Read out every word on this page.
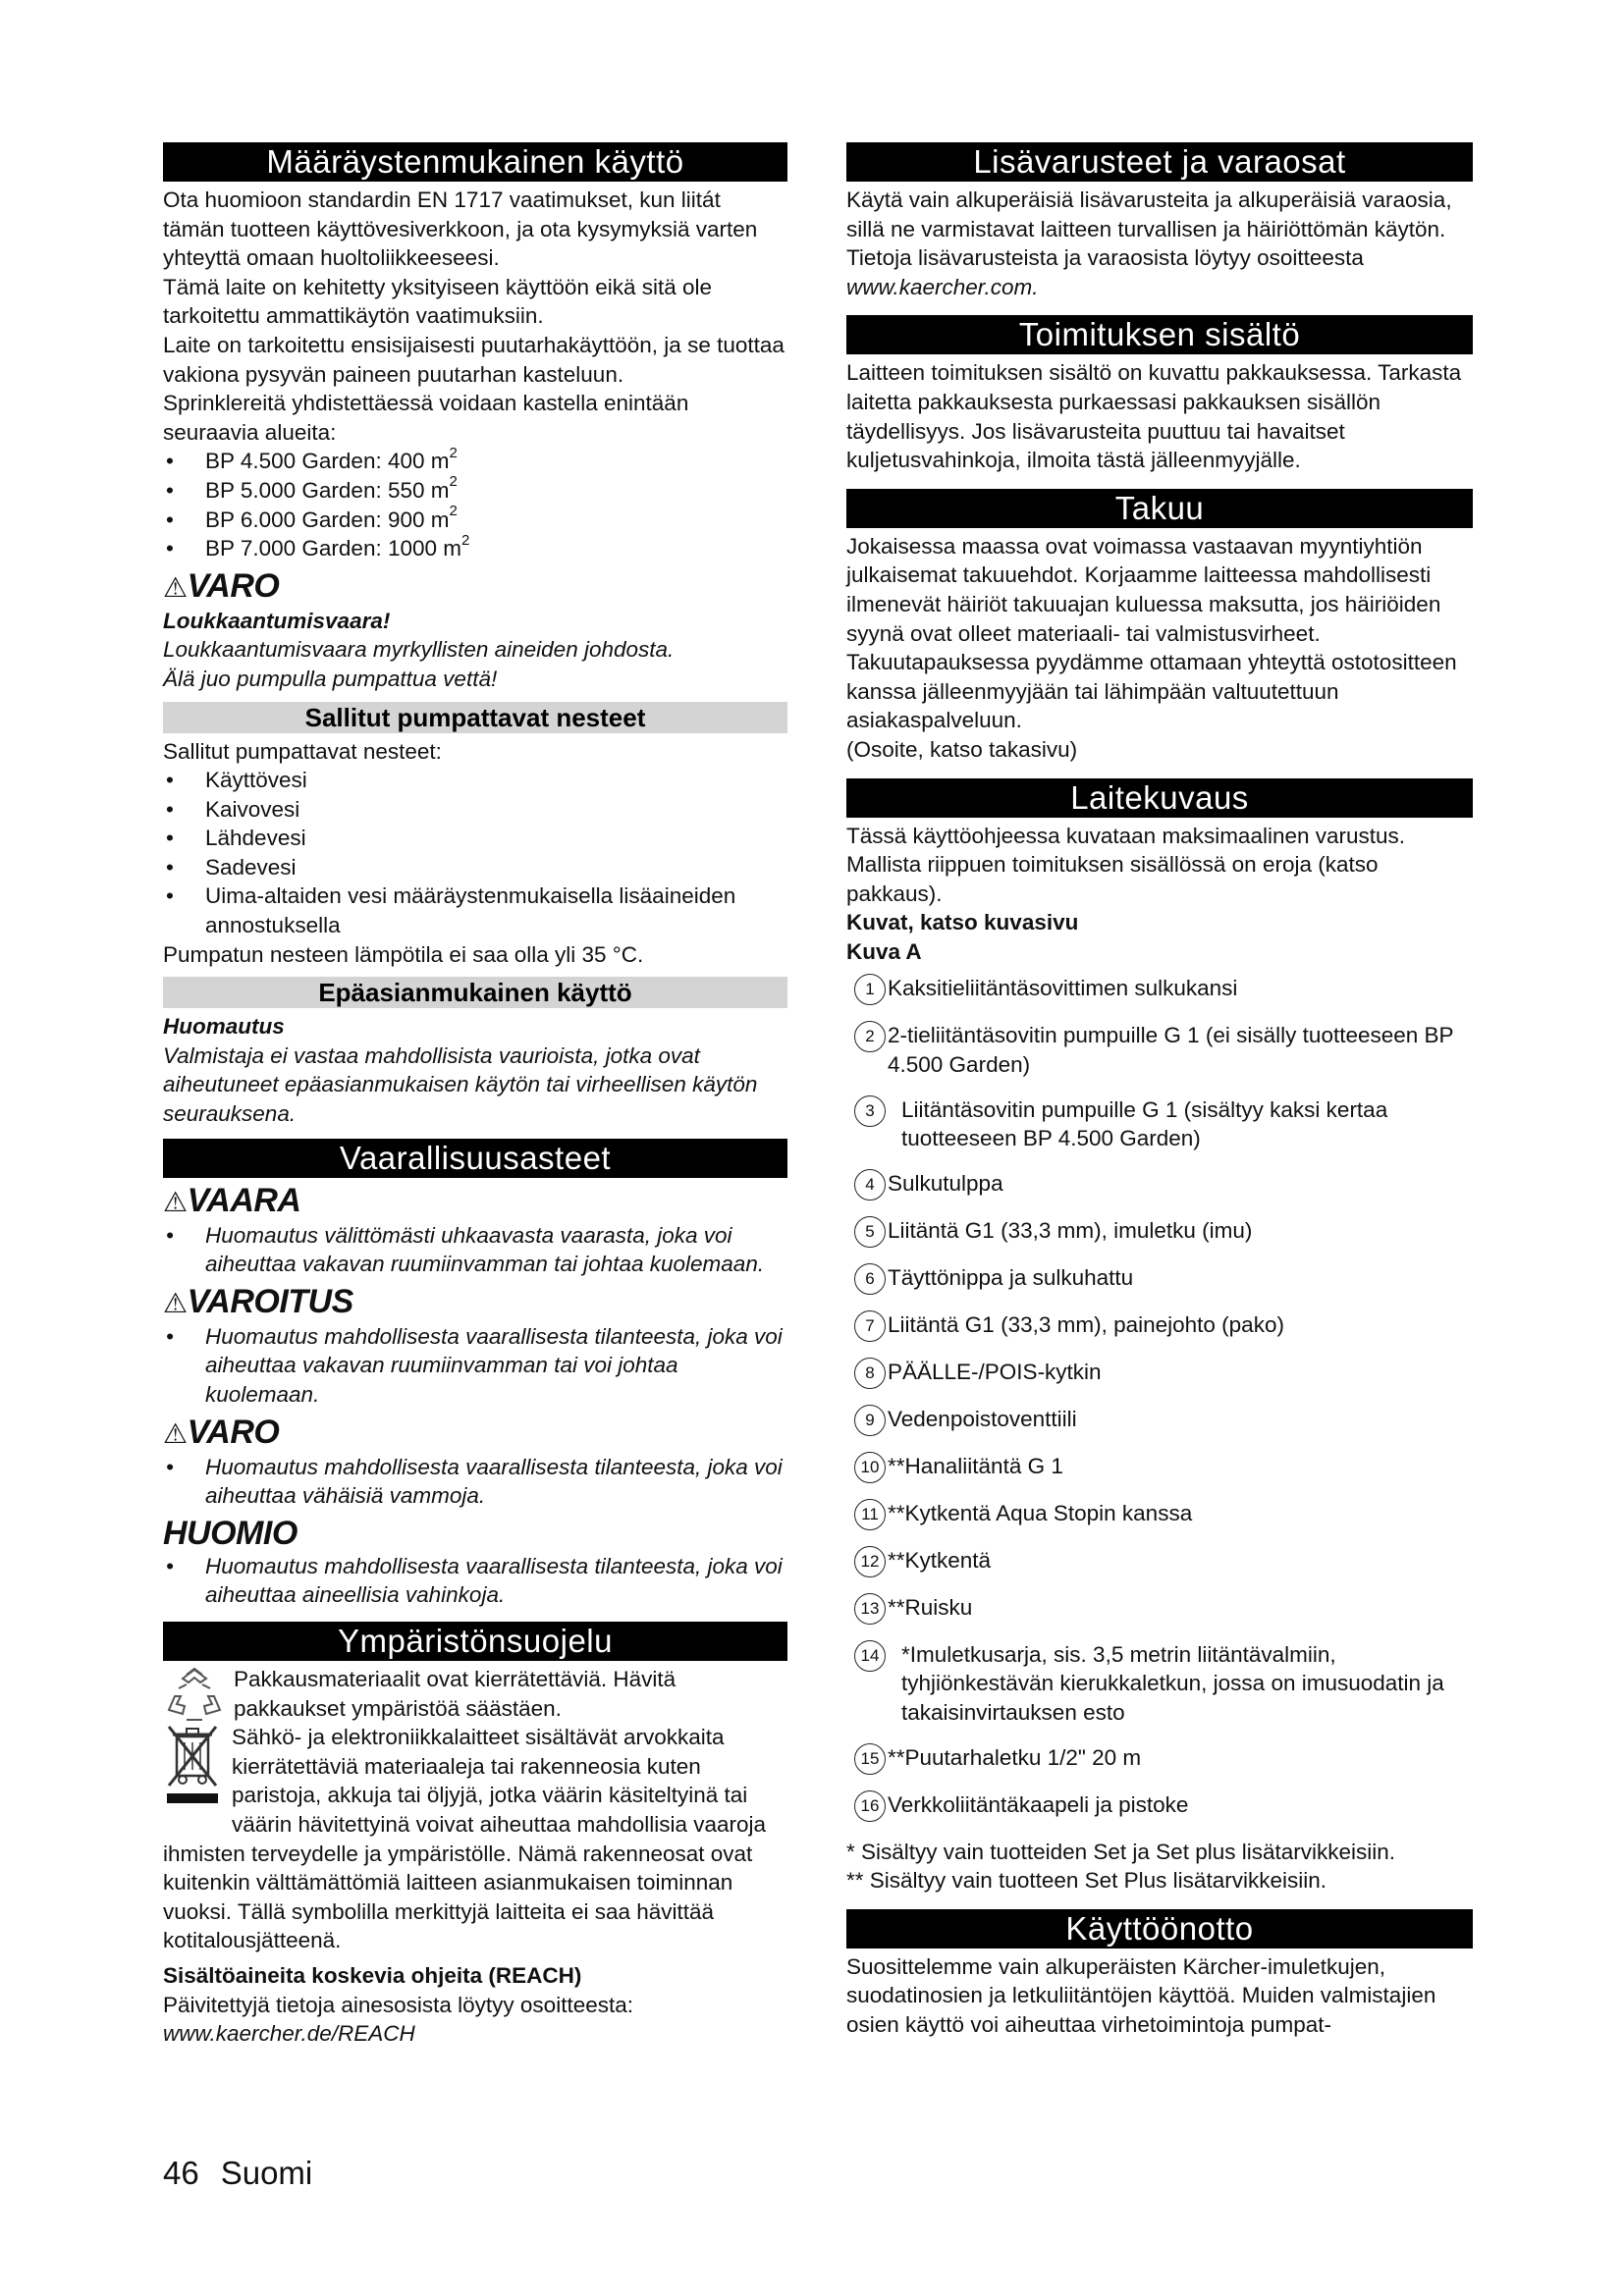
Määräystenmukainen käyttö

Ota huomioon standardin EN 1717 vaatimukset, kun liitát tämän tuotteen käyttövesiverkkoon, ja ota kysymyksiä varten yhteyttä omaan huoltoliikkeeseesi.

Tämä laite on kehitetty yksityiseen käyttöön eikä sitä ole tarkoitettu ammattikäytön vaatimuksiin.

Laite on tarkoitettu ensisijaisesti puutarhakäyttöön, ja se tuottaa vakiona pysyvän paineen puutarhan kasteluun.

Sprinklereitä yhdistettäessä voidaan kastella enintään seuraavia alueita:

•
BP 4.500 Garden: 400 $m^2$
•
BP 5.000 Garden: 550 $m^2$
•
BP 6.000 Garden: 900 $m^2$
•
BP 7.000 Garden: 1000 $m^2$
⚠VARO

Loukkaantumisvaara!

Loukkaantumisvaara myrkyllisten aineiden johdosta.

Älä juo pumpulla pumpattua vettä!

Sallitut pumpattavat nesteet

Sallitut pumpattavat nesteet:

•
Käyttövesi
•
Kaivovesi
•
Lähdevesi
•
Sadevesi
•
Uima-altaiden vesi määräystenmukaisella lisäaineiden annostuksella

Pumpatun nesteen lämpötila ei saa olla yli 35 °C.

Epäasianmukainen käyttö

Huomautus

Valmistaja ei vastaa mahdollisista vaurioista, jotka ovat aiheutuneet epäasianmukaisen käytön tai virheellisen käytön seurauksena.

Vaarallisuusasteet
⚠VAARA
•
Huomautus välittömästi uhkaavasta vaarasta, joka voi aiheuttaa vakavan ruumiinvamman tai johtaa kuolemaan.
⚠VAROITUS
•
Huomautus mahdollisesta vaarallisesta tilanteesta, joka voi aiheuttaa vakavan ruumiinvamman tai voi johtaa kuolemaan.
⚠VARO
•
Huomautus mahdollisesta vaarallisesta tilanteesta, joka voi aiheuttaa vähäisiä vammoja.
HUOMIO
•
Huomautus mahdollisesta vaarallisesta tilanteesta, joka voi aiheuttaa aineellisia vahinkoja.
Ympäristönsuojelu

Pakkausmateriaalit ovat kierrätettäviä. Hävitä pakkaukset ympäristöä säästäen.

Sähkö- ja elektroniikkalaitteet sisältävät arvokkaita kierrätettäviä materiaaleja tai rakenneosia kuten paristoja, akkuja tai öljyjä, jotka väärin käsiteltyinä tai väärin hävitettyinä voivat aiheuttaa mahdollisia vaaroja ihmisten terveydelle ja ympäristölle. Nämä rakenneosat ovat kuitenkin välttämättömiä laitteen asianmukaisen toiminnan vuoksi. Tällä symbolilla merkittyjä laitteita ei saa hävittää kotitalousjätteenä.

Sisältöaineita koskevia ohjeita (REACH)

Päivitettyjä tietoja ainesosista löytyy osoitteesta:

www.kaercher.de/REACH

Lisävarusteet ja varaosat

Käytä vain alkuperäisiä lisävarusteita ja alkuperäisiä varaosia, sillä ne varmistavat laitteen turvallisen ja häiriöttömän käytön.

Tietoja lisävarusteista ja varaosista löytyy osoitteesta

www.kaercher.com.

Toimituksen sisältö

Laitteen toimituksen sisältö on kuvattu pakkauksessa. Tarkasta laitetta pakkauksesta purkaessasi pakkauksen sisällön täydellisyys. Jos lisävarusteita puuttuu tai havaitset kuljetusvahinkoja, ilmoita tästä jälleenmyyjälle.

Takuu

Jokaisessa maassa ovat voimassa vastaavan myyntiyhtiön julkaisemat takuuehdot. Korjaamme laitteessa mahdollisesti ilmenevät häiriöt takuuajan kuluessa maksutta, jos häiriöiden syynä ovat olleet materiaali- tai valmistusvirheet. Takuutapauksessa pyydämme ottamaan yhteyttä ostotositteen kanssa jälleenmyyjään tai lähimpään valtuutettuun asiakaspalveluun.

(Osoite, katso takasivu)

Laitekuvaus

Tässä käyttöohjeessa kuvataan maksimaalinen varustus. Mallista riippuen toimituksen sisällössä on eroja (katso pakkaus).

Kuvat, katso kuvasivu

Kuva A

1 Kaksitieliitäntäsovittimen sulkukansi
2 2-tieliitäntäsovitin pumpuille G 1 (ei sisälly tuotteeseen BP 4.500 Garden)
3	Liitäntäsovitin pumpuille G 1 (sisältyy kaksi kertaa tuotteeseen BP 4.500 Garden)
4 Sulkutulppa
5 Liitäntä G1 (33,3 mm), imuletku (imu)
6 Täyttönippa ja sulkuhattu
7 Liitäntä G1 (33,3 mm), painejohto (pako)
8 PÄÄLLE-/POIS-kytkin
9 Vedenpoistoventtiili
10 **Hanaliitäntä G 1
11 **Kytkentä Aqua Stopin kanssa
12 **Kytkentä
13 **Ruisku
14 *Imuletkusarja, sis. 3,5 metrin liitäntävalmiin, tyhjiönkestävän kierukkaletkun, jossa on imusuodatin ja takaisinvirtauksen esto
15 **Puutarhaletku 1/2" 20 m
16 Verkkoliitäntäkaapeli ja pistoke

* Sisältyy vain tuotteiden Set ja Set plus lisätarvikkeisiin.

** Sisältyy vain tuotteen Set Plus lisätarvikkeisiin.

Käyttöönotto

Suosittelemme vain alkuperäisten Kärcher-imuletkujen, suodatinosien ja letkuliitäntöjen käyttöä. Muiden valmistajien osien käyttö voi aiheuttaa virhetoimintoja pumpat-

46 Suomi
